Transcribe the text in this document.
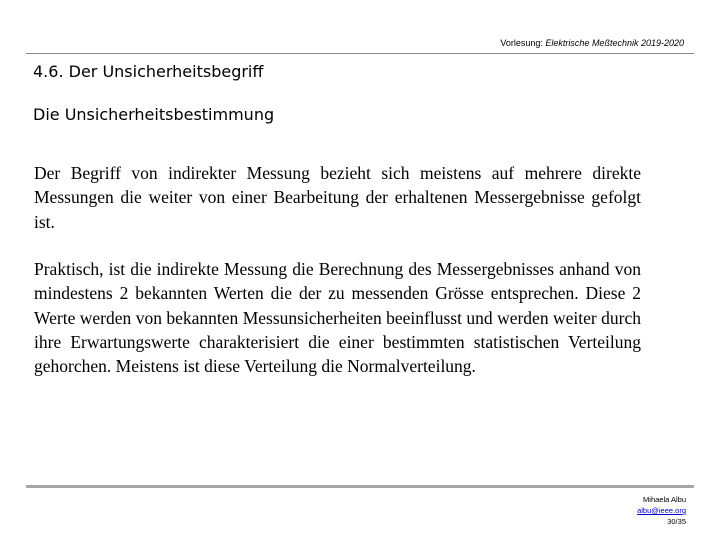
Vorlesung: Elektrische Meßtechnik 2019-2020
4.6. Der Unsicherheitsbegriff
Die Unsicherheitsbestimmung

Der Begriff von indirekter Messung bezieht sich meistens auf mehrere direkte Messungen die weiter von einer Bearbeitung der erhaltenen Messergebnisse gefolgt ist.

Praktisch, ist die indirekte Messung die Berechnung des Messergebnisses anhand von mindestens 2 bekannten Werten die der zu messenden Grösse entsprechen. Diese 2 Werte werden von bekannten Messunsicherheiten beeinflusst und werden weiter durch ihre Erwartungswerte charakterisiert die einer bestimmten statistischen Verteilung gehorchen. Meistens ist diese Verteilung die Normalverteilung.

Mihaela Albu
albu@ieee.org
30/35
